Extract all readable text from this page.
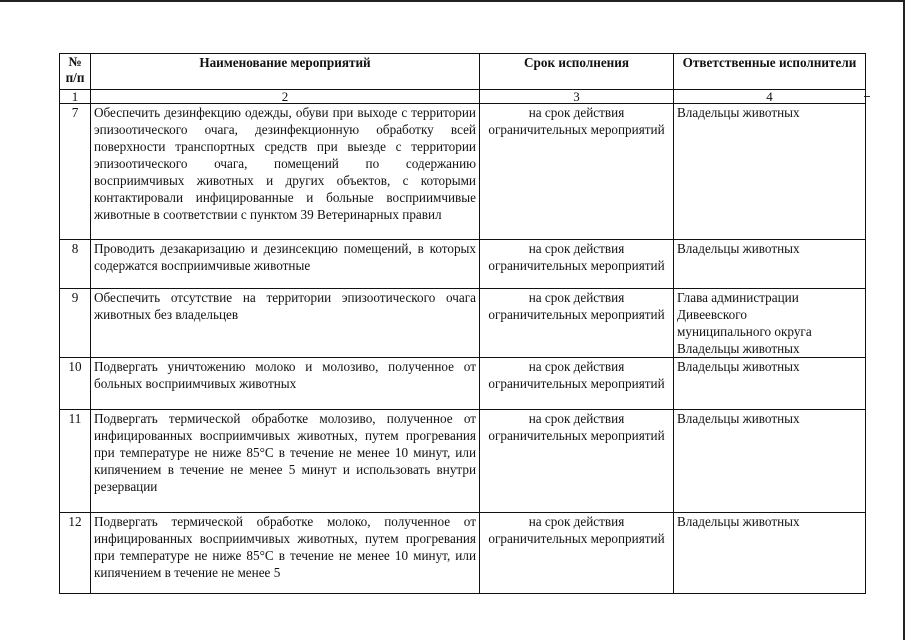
№
п/п	Наименование мероприятий	Срок исполнения	Ответственные исполнители
1	2	3	4
7	Обеспечить дезинфекцию одежды, обуви при выходе с территории эпизоотического очага, дезинфекционную обработку всей поверхности транспортных средств при выезде с территории эпизоотического очага, помещений по содержанию восприимчивых животных и других объектов, с которыми контактировали инфицированные и больные восприимчивые животные в соответствии с пунктом 39 Ветеринарных правил	на срок действия ограничительных мероприятий	Владельцы животных

8	Проводить дезакаризацию и дезинсекцию помещений, в которых содержатся восприимчивые животные	на срок действия ограничительных мероприятий	Владельцы животных

9	Обеспечить отсутствие на территории эпизоотического очага животных без владельцев	на срок действия ограничительных мероприятий	Глава администрации
Дивеевского
муниципального округа
Владельцы животных

10	Подвергать уничтожению молоко и молозиво, полученное от больных восприимчивых животных	на срок действия ограничительных мероприятий	Владельцы животных

11	Подвергать термической обработке молозиво, полученное от инфицированных восприимчивых животных, путем прогревания при температуре не ниже 85°С в течение не менее 10 минут, или кипячением в течение не менее 5 минут и использовать внутри резервации	на срок действия ограничительных мероприятий	Владельцы животных

12	Подвергать термической обработке молоко, полученное от инфицированных восприимчивых животных, путем прогревания при температуре не ниже 85°С в течение не менее 10 минут, или кипячением в течение не менее 5	на срок действия ограничительных мероприятий	Владельцы животных
